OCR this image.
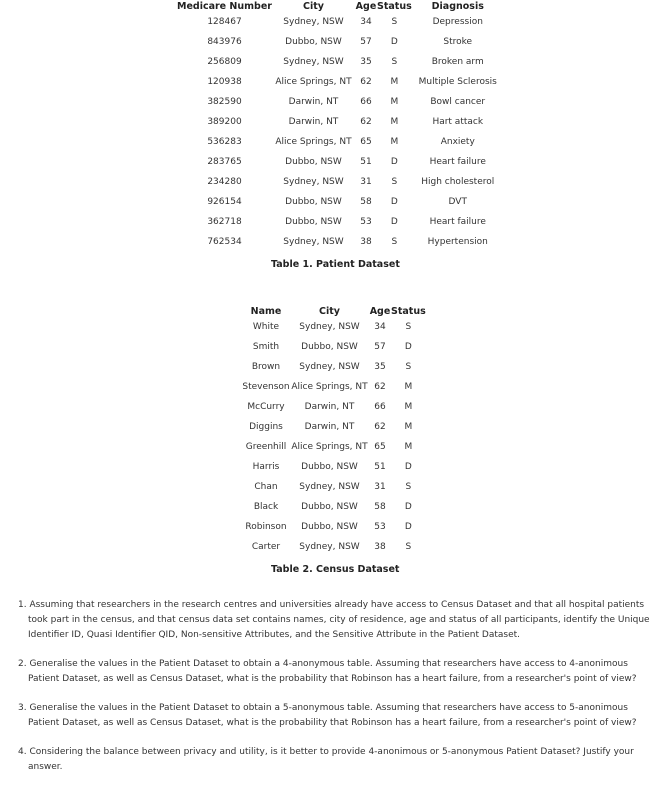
Medicare Number	City	Age	Status	Diagnosis
128467	Sydney, NSW	34	S	Depression
843976	Dubbo, NSW	57	D	Stroke
256809	Sydney, NSW	35	S	Broken arm
120938	Alice Springs, NT	62	M	Multiple Sclerosis
382590	Darwin, NT	66	M	Bowl cancer
389200	Darwin, NT	62	M	Hart attack
536283	Alice Springs, NT	65	M	Anxiety
283765	Dubbo, NSW	51	D	Heart failure
234280	Sydney, NSW	31	S	High cholesterol
926154	Dubbo, NSW	58	D	DVT
362718	Dubbo, NSW	53	D	Heart failure
762534	Sydney, NSW	38	S	Hypertension
Table 1. Patient Dataset
Name	City	Age	Status
White	Sydney, NSW	34	S
Smith	Dubbo, NSW	57	D
Brown	Sydney, NSW	35	S
Stevenson	Alice Springs, NT	62	M
McCurry	Darwin, NT	66	M
Diggins	Darwin, NT	62	M
Greenhill	Alice Springs, NT	65	M
Harris	Dubbo, NSW	51	D
Chan	Sydney, NSW	31	S
Black	Dubbo, NSW	58	D
Robinson	Dubbo, NSW	53	D
Carter	Sydney, NSW	38	S
Table 2. Census Dataset
1. Assuming that researchers in the research centres and universities already have access to Census Dataset and that all hospital patients took part in the census, and that census data set contains names, city of residence, age and status of all participants, identify the Unique Identifier ID, Quasi Identifier QID, Non-sensitive Attributes, and the Sensitive Attribute in the Patient Dataset.
2. Generalise the values in the Patient Dataset to obtain a 4-anonymous table. Assuming that researchers have access to 4-anonimous Patient Dataset, as well as Census Dataset, what is the probability that Robinson has a heart failure, from a researcher's point of view?
3. Generalise the values in the Patient Dataset to obtain a 5-anonymous table. Assuming that researchers have access to 5-anonimous Patient Dataset, as well as Census Dataset, what is the probability that Robinson has a heart failure, from a researcher's point of view?
4. Considering the balance between privacy and utility, is it better to provide 4-anonimous or 5-anonymous Patient Dataset? Justify your answer.
